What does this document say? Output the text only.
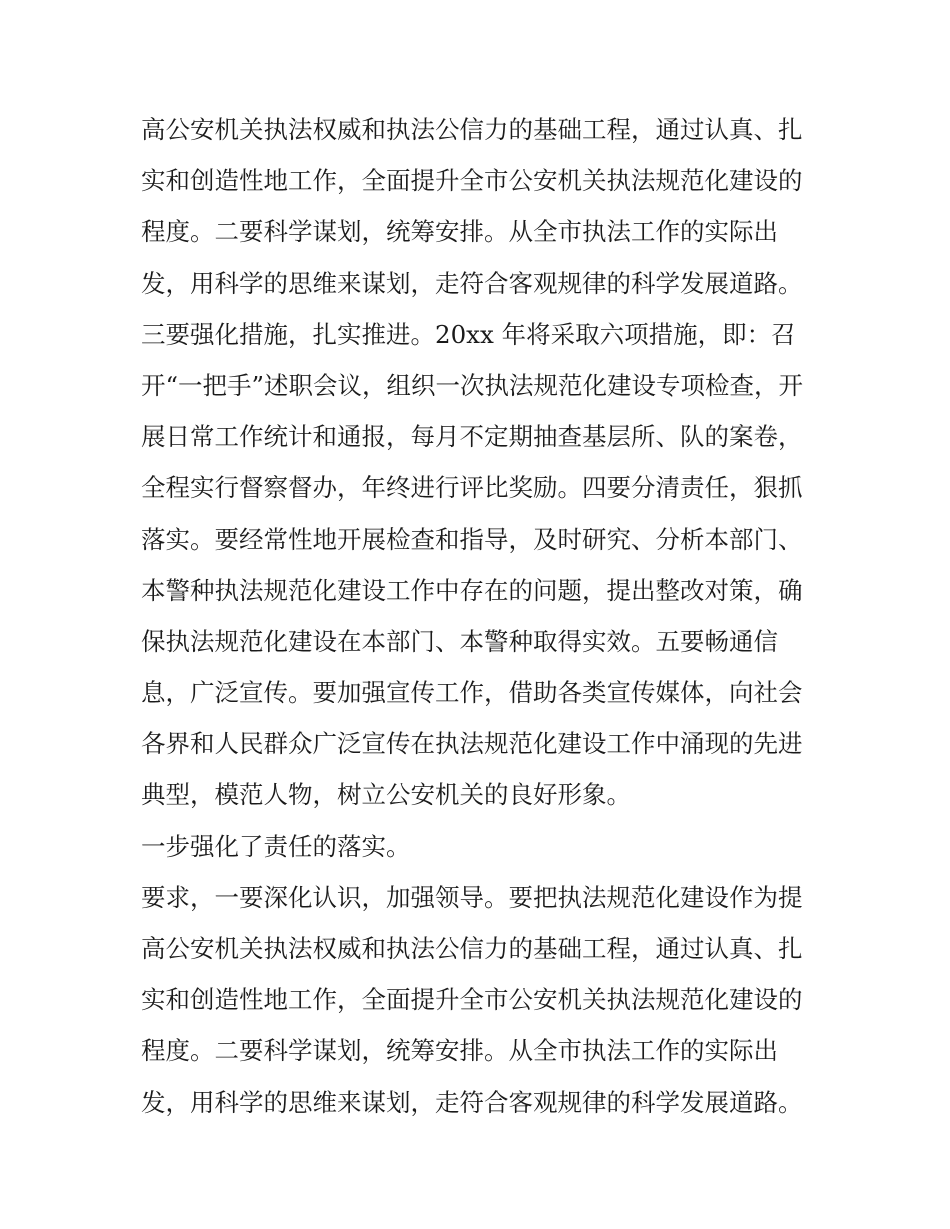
高公安机关执法权威和执法公信力的基础工程，通过认真、扎
实和创造性地工作，全面提升全市公安机关执法规范化建设的
程度。二要科学谋划，统筹安排。从全市执法工作的实际出
发，用科学的思维来谋划，走符合客观规律的科学发展道路。
三要强化措施，扎实推进。20xx 年将采取六项措施，即：召
开“一把手”述职会议，组织一次执法规范化建设专项检查，开
展日常工作统计和通报，每月不定期抽查基层所、队的案卷，
全程实行督察督办，年终进行评比奖励。四要分清责任，狠抓
落实。要经常性地开展检查和指导，及时研究、分析本部门、
本警种执法规范化建设工作中存在的问题，提出整改对策，确
保执法规范化建设在本部门、本警种取得实效。五要畅通信
息，广泛宣传。要加强宣传工作，借助各类宣传媒体，向社会
各界和人民群众广泛宣传在执法规范化建设工作中涌现的先进
典型，模范人物，树立公安机关的良好形象。
一步强化了责任的落实。
要求，一要深化认识，加强领导。要把执法规范化建设作为提
高公安机关执法权威和执法公信力的基础工程，通过认真、扎
实和创造性地工作，全面提升全市公安机关执法规范化建设的
程度。二要科学谋划，统筹安排。从全市执法工作的实际出
发，用科学的思维来谋划，走符合客观规律的科学发展道路。
